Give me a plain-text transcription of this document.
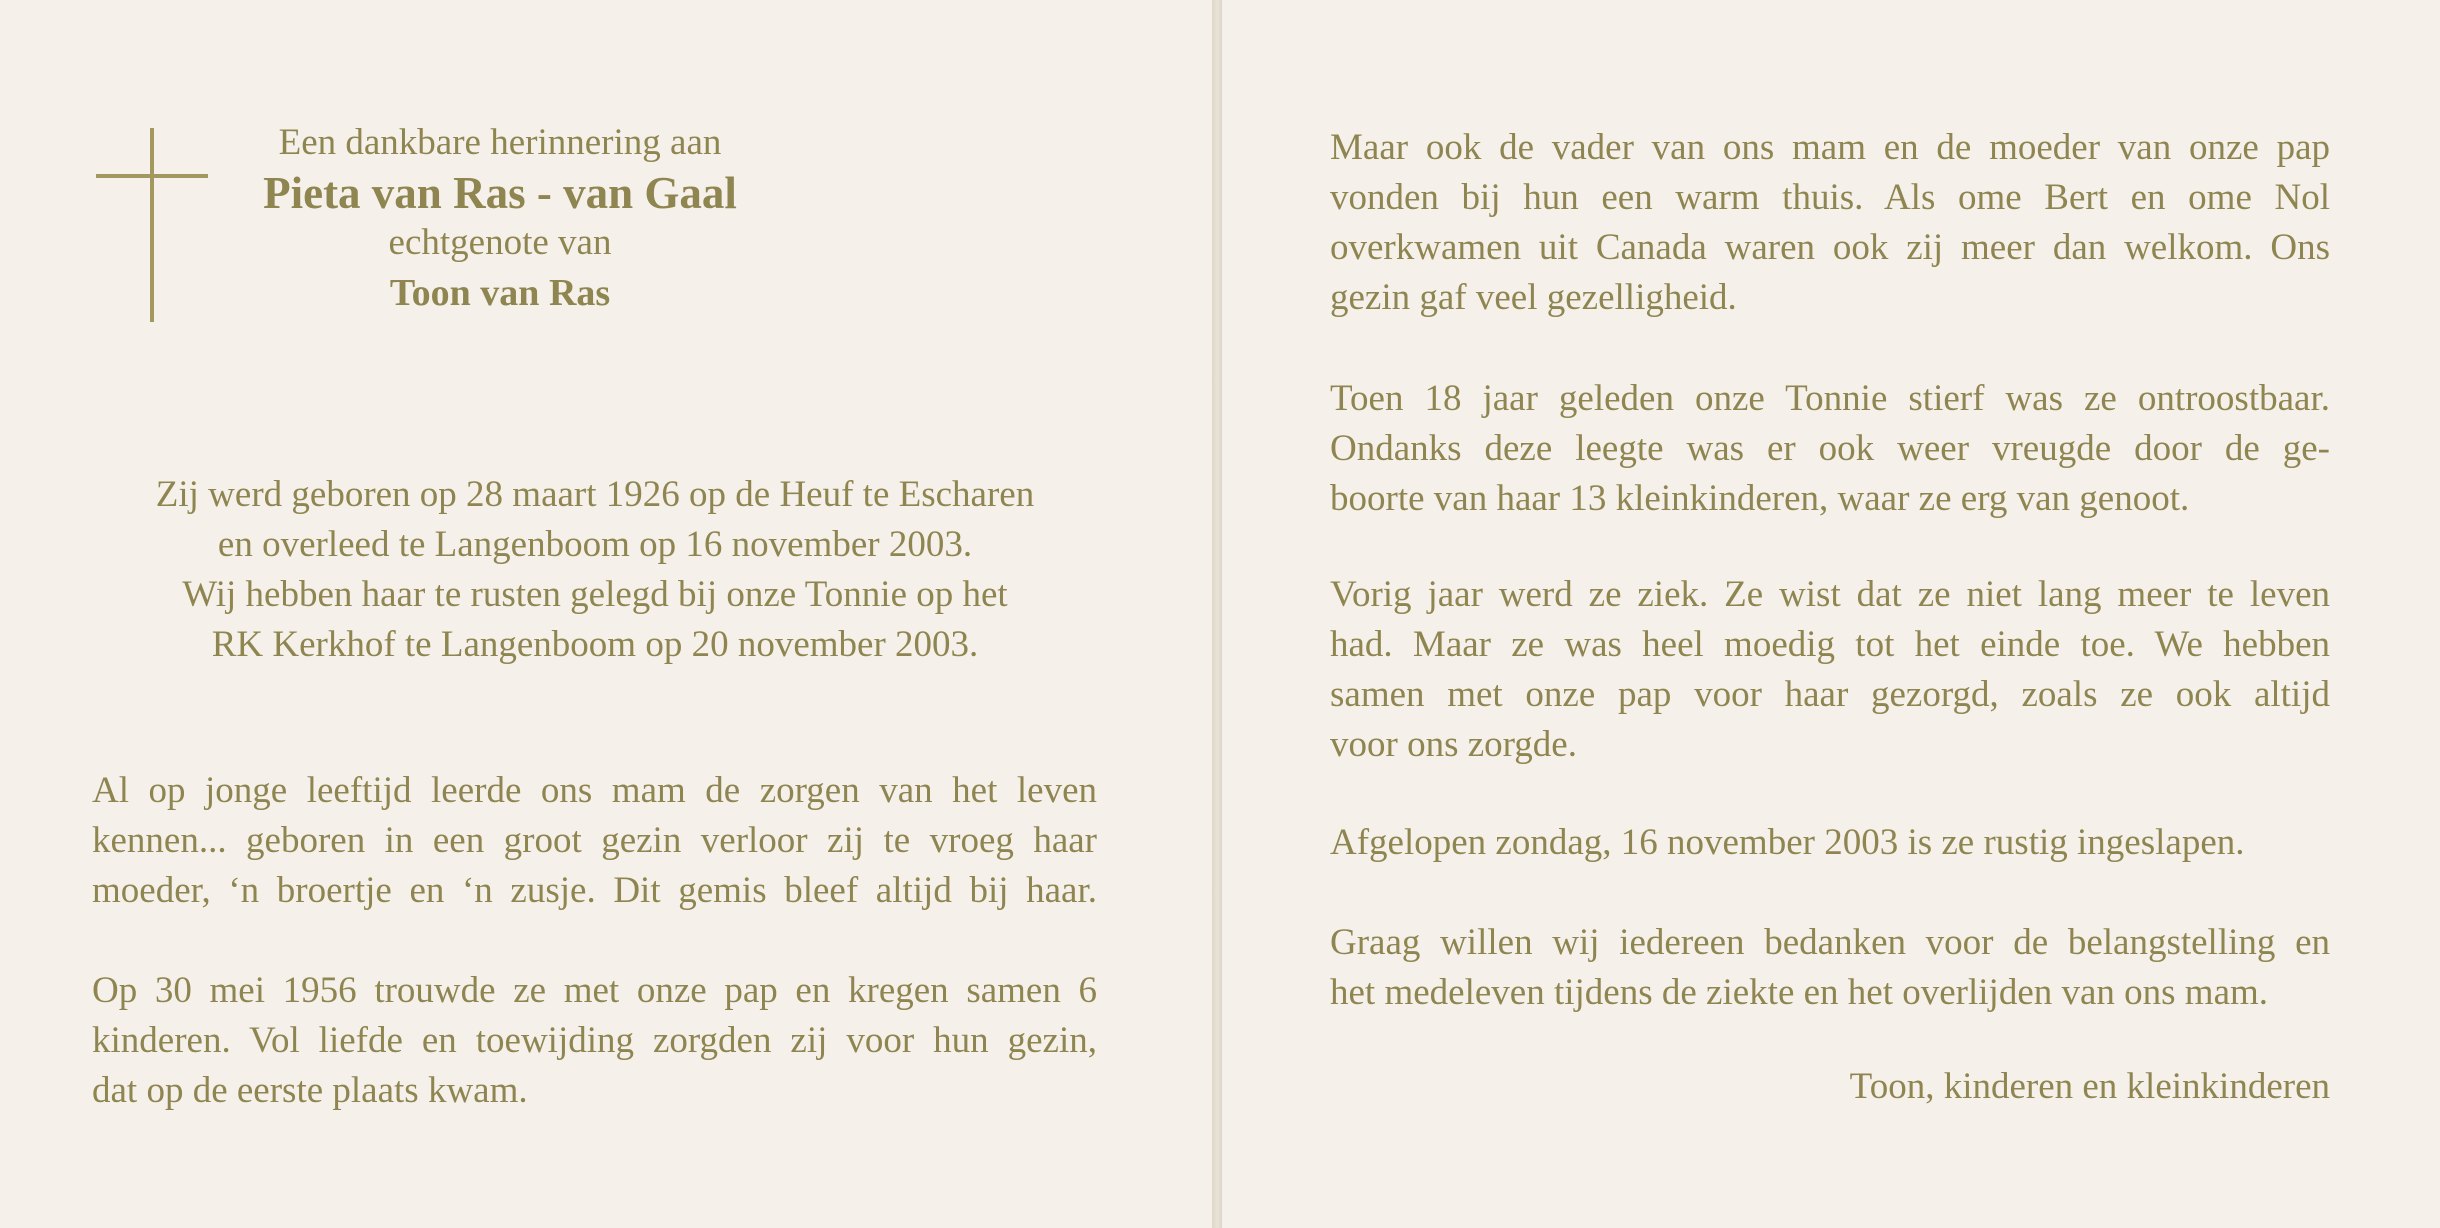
Een dankbare herinnering aan
Pieta van Ras - van Gaal
echtgenote van
Toon van Ras
Zij werd geboren op 28 maart 1926 op de Heuf te Escharen
en overleed te Langenboom op 16 november 2003.
Wij hebben haar te rusten gelegd bij onze Tonnie op het
RK Kerkhof te Langenboom op 20 november 2003.
Al op jonge leeftijd leerde ons mam de zorgen van het leven
kennen... geboren in een groot gezin verloor zij te vroeg haar
moeder, ‘n broertje en ‘n zusje. Dit gemis bleef altijd bij haar.
Op 30 mei 1956 trouwde ze met onze pap en kregen samen 6
kinderen. Vol liefde en toewijding zorgden zij voor hun gezin,
dat op de eerste plaats kwam.
Maar ook de vader van ons mam en de moeder van onze pap
vonden bij hun een warm thuis. Als ome Bert en ome Nol
overkwamen uit Canada waren ook zij meer dan welkom. Ons
gezin gaf veel gezelligheid.
Toen 18 jaar geleden onze Tonnie stierf was ze ontroostbaar.
Ondanks deze leegte was er ook weer vreugde door de ge-
boorte van haar 13 kleinkinderen, waar ze erg van genoot.
Vorig jaar werd ze ziek. Ze wist dat ze niet lang meer te leven
had. Maar ze was heel moedig tot het einde toe. We hebben
samen met onze pap voor haar gezorgd, zoals ze ook altijd
voor ons zorgde.
Afgelopen zondag, 16 november 2003 is ze rustig ingeslapen.
Graag willen wij iedereen bedanken voor de belangstelling en
het medeleven tijdens de ziekte en het overlijden van ons mam.
Toon, kinderen en kleinkinderen
